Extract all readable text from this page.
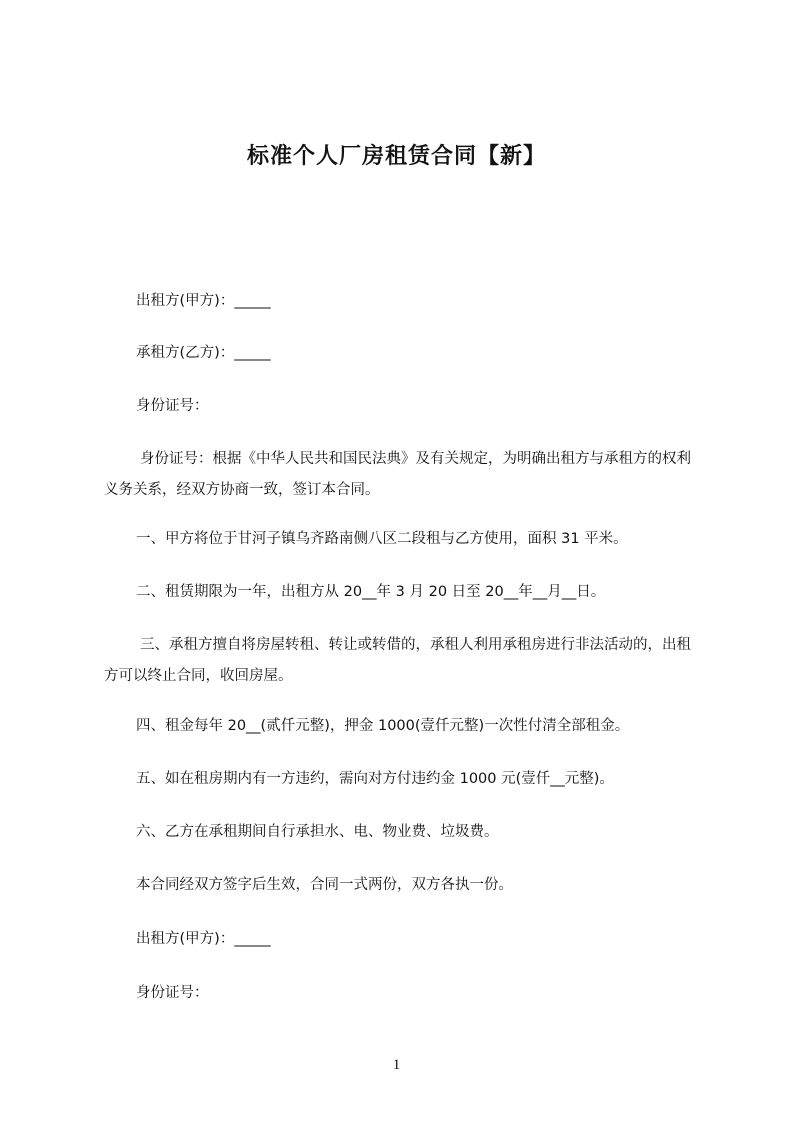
标准个人厂房租赁合同【新】

出租方(甲方)：_____

承租方(乙方)：_____

身份证号：

身份证号：根据《中华人民共和国民法典》及有关规定，为明确出租方与承租方的权利义务关系，经双方协商一致，签订本合同。

一、甲方将位于甘河子镇乌齐路南侧八区二段租与乙方使用，面积 31 平米。

二、租赁期限为一年，出租方从 20__年 3 月 20 日至 20__年__月__日。

三、承租方擅自将房屋转租、转让或转借的，承租人利用承租房进行非法活动的，出租方可以终止合同，收回房屋。

四、租金每年 20__(贰仟元整)，押金 1000(壹仟元整)一次性付清全部租金。

五、如在租房期内有一方违约，需向对方付违约金 1000 元(壹仟__元整)。

六、乙方在承租期间自行承担水、电、物业费、垃圾费。

本合同经双方签字后生效，合同一式两份，双方各执一份。

出租方(甲方)：_____

身份证号：

1
